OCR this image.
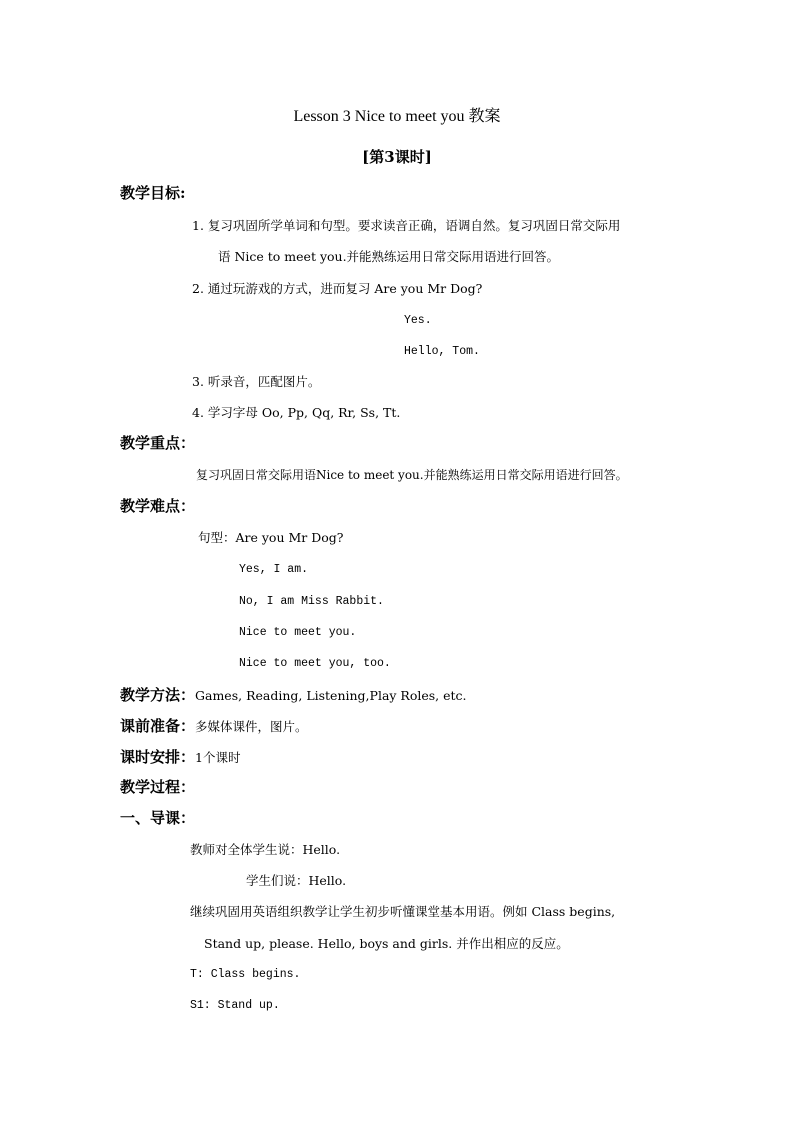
Lesson 3 Nice to meet you 教案
[第3课时]
教学目标:
1. 复习巩固所学单词和句型。要求读音正确，语调自然。复习巩固日常交际用
语 Nice to meet you.并能熟练运用日常交际用语进行回答。
2. 通过玩游戏的方式，进而复习 Are you Mr Dog?
Yes.
Hello, Tom.
3. 听录音，匹配图片。
4. 学习字母 Oo, Pp, Qq, Rr, Ss, Tt.
教学重点：
复习巩固日常交际用语Nice to meet you.并能熟练运用日常交际用语进行回答。
教学难点：
句型：Are you Mr Dog?
Yes, I am.
No, I am Miss Rabbit.
Nice to meet you.
Nice to meet you, too.
教学方法：Games, Reading, Listening,Play Roles, etc.
课前准备：多媒体课件，图片。
课时安排：1个课时
教学过程：
一、导课：
教师对全体学生说：Hello.
学生们说：Hello.
继续巩固用英语组织教学让学生初步听懂课堂基本用语。例如 Class begins,
Stand up, please. Hello, boys and girls. 并作出相应的反应。
T: Class begins.
S1: Stand up.
